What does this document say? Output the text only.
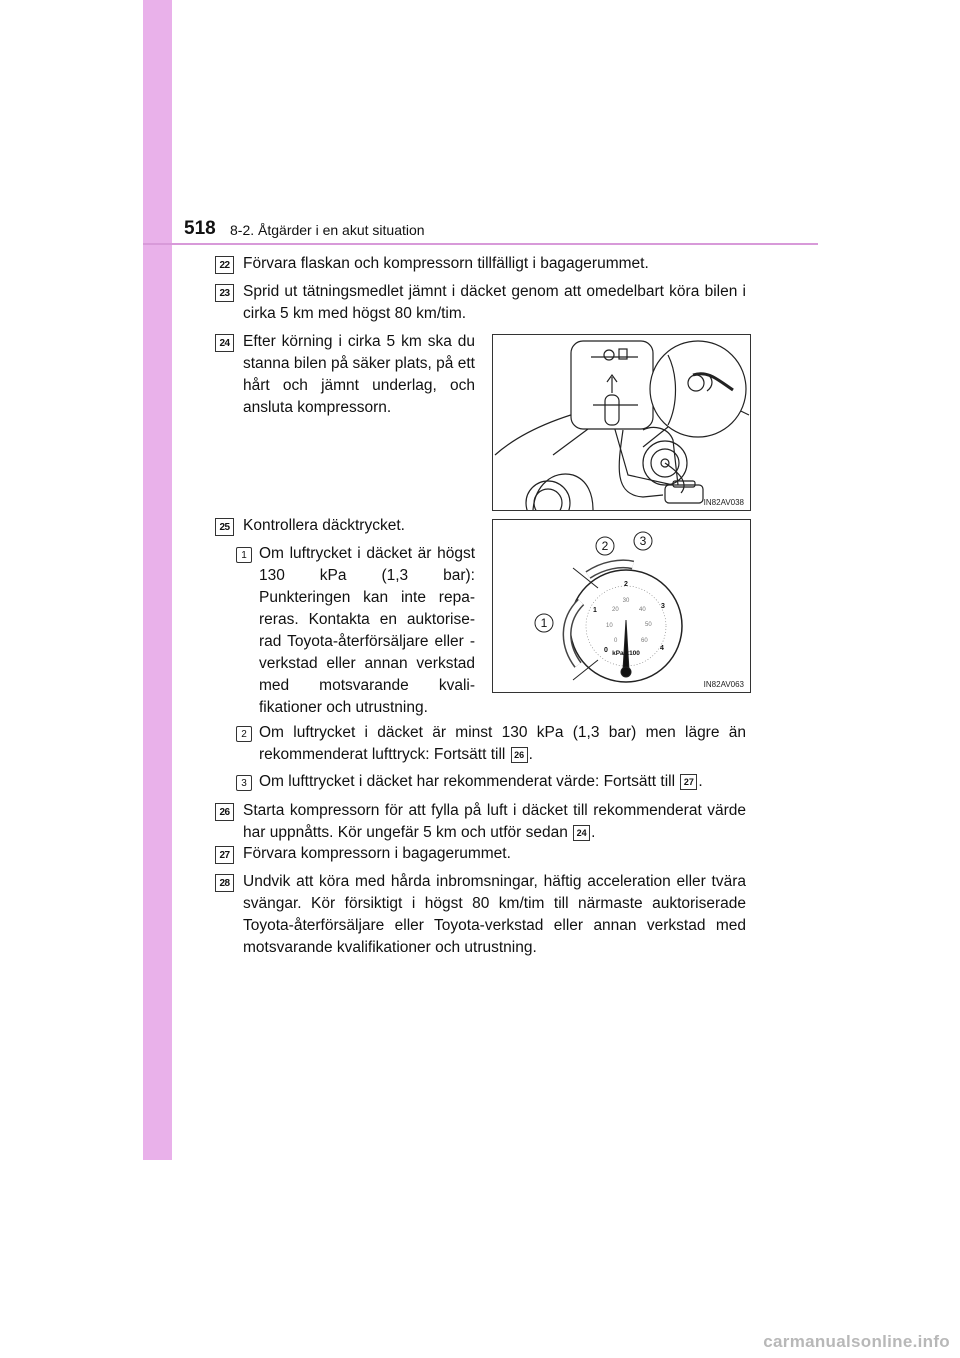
518 8-2. Åtgärder i en akut situation
22 Förvara flaskan och kompressorn tillfälligt i bagagerummet.
23 Sprid ut tätningsmedlet jämnt i däcket genom att omedelbart köra bilen i cirka 5 km med högst 80 km/tim.
24 Efter körning i cirka 5 km ska du stanna bilen på säker plats, på ett hårt och jämnt underlag, och ansluta kompressorn.
IN82AV038
25 Kontrollera däcktrycket.
1 Om luftrycket i däcket är högst 130 kPa (1,3 bar): Punkteringen kan inte repareras. Kontakta en auktoriserad Toyota-återförsäljare eller -verkstad eller annan verkstad med motsvarande kvalifikationer och utrustning.
1
2	3
0
1
2
3
4
0
10
20
30
40
50
60
kPa x100
IN82AV063
2 Om luftrycket i däcket är minst 130 kPa (1,3 bar) men lägre än rekommenderat lufttryck: Fortsätt till 26 .
3 Om lufttrycket i däcket har rekommenderat värde: Fortsätt till 27 .
26 Starta kompressorn för att fylla på luft i däcket till rekommenderat värde har uppnåtts. Kör ungefär 5 km och utför sedan 24 .
27 Förvara kompressorn i bagagerummet.
28 Undvik att köra med hårda inbromsningar, häftig acceleration eller tvära svängar. Kör försiktigt i högst 80 km/tim till närmaste auktoriserade Toyota-återförsäljare eller Toyota-verkstad eller annan verkstad med motsvarande kvalifikationer och utrustning.
carmanualsonline.info
